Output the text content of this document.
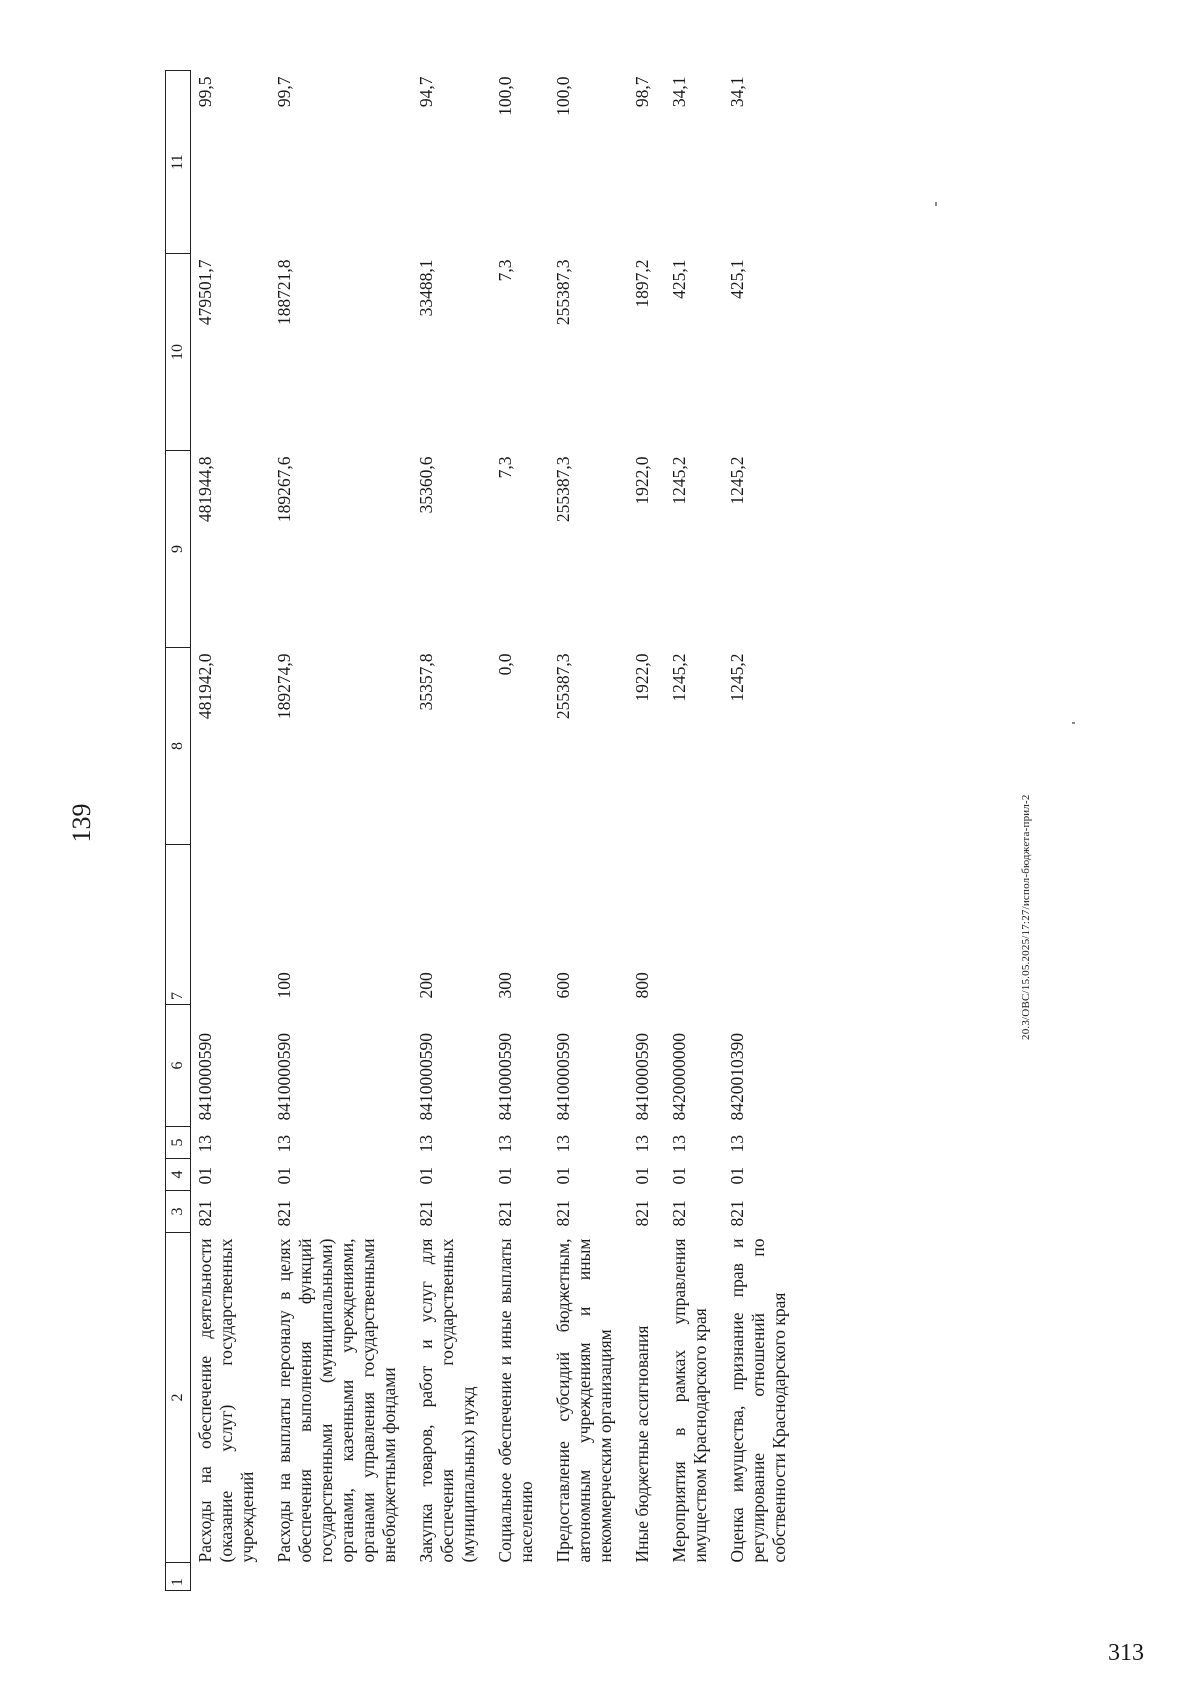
139
1	2	3	4	5	6	7	8	9	10	11
Расходы на обеспечение деятельности (оказание услуг) государственных учреждений		821	01	13	8410000590		481942,0	481944,8	479501,7	99,5
Расходы на выплаты персоналу в целях обеспечения выполнения функций государственными (муниципальными) органами, казенными учреждениями, органами управления государственными внебюджетными фондами		821	01	13	8410000590	100	189274,9	189267,6	188721,8	99,7
Закупка товаров, работ и услуг для обеспечения государственных (муниципальных) нужд		821	01	13	8410000590	200	35357,8	35360,6	33488,1	94,7
Социальное обеспечение и иные выплаты населению		821	01	13	8410000590	300	0,0	7,3	7,3	100,0
Предоставление субсидий бюджетным, автономным учреждениям и иным некоммерческим организациям		821	01	13	8410000590	600	255387,3	255387,3	255387,3	100,0
Иные бюджетные ассигнования		821	01	13	8410000590	800	1922,0	1922,0	1897,2	98,7
Мероприятия в рамках управления имуществом Краснодарского края		821	01	13	8420000000		1245,2	1245,2	425,1	34,1
Оценка имущества, признание прав и регулирование отношений по собственности Краснодарского края		821	01	13	8420010390		1245,2	1245,2	425,1	34,1
20.3/ОВС/15.05.2025/17:27/испол-бюджета-прил-2
313
